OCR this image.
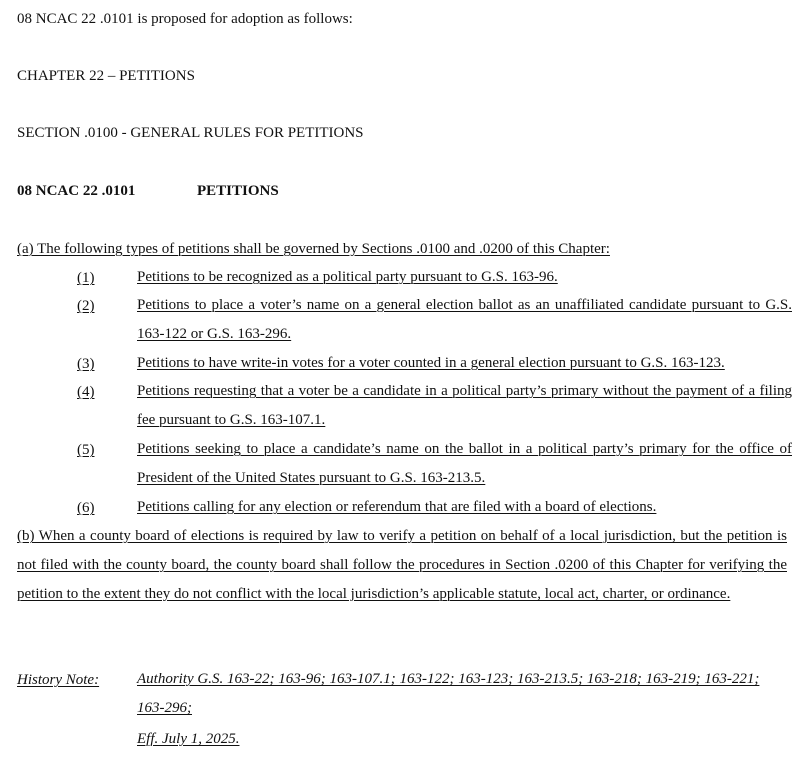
08 NCAC 22 .0101 is proposed for adoption as follows:
CHAPTER 22 – PETITIONS
SECTION .0100 - GENERAL RULES FOR PETITIONS
08 NCAC 22 .0101	PETITIONS
(a) The following types of petitions shall be governed by Sections .0100 and .0200 of this Chapter:
(1)	Petitions to be recognized as a political party pursuant to G.S. 163-96.
(2)	Petitions to place a voter’s name on a general election ballot as an unaffiliated candidate pursuant to G.S. 163-122 or G.S. 163-296.
(3)	Petitions to have write-in votes for a voter counted in a general election pursuant to G.S. 163-123.
(4)	Petitions requesting that a voter be a candidate in a political party’s primary without the payment of a filing fee pursuant to G.S. 163-107.1.
(5)	Petitions seeking to place a candidate’s name on the ballot in a political party’s primary for the office of President of the United States pursuant to G.S. 163-213.5.
(6)	Petitions calling for any election or referendum that are filed with a board of elections.
(b) When a county board of elections is required by law to verify a petition on behalf of a local jurisdiction, but the petition is not filed with the county board, the county board shall follow the procedures in Section .0200 of this Chapter for verifying the petition to the extent they do not conflict with the local jurisdiction’s applicable statute, local act, charter, or ordinance.
History Note:	Authority G.S. 163-22; 163-96; 163-107.1; 163-122; 163-123; 163-213.5; 163-218; 163-219; 163-221; 163-296;
Eff. July 1, 2025.
